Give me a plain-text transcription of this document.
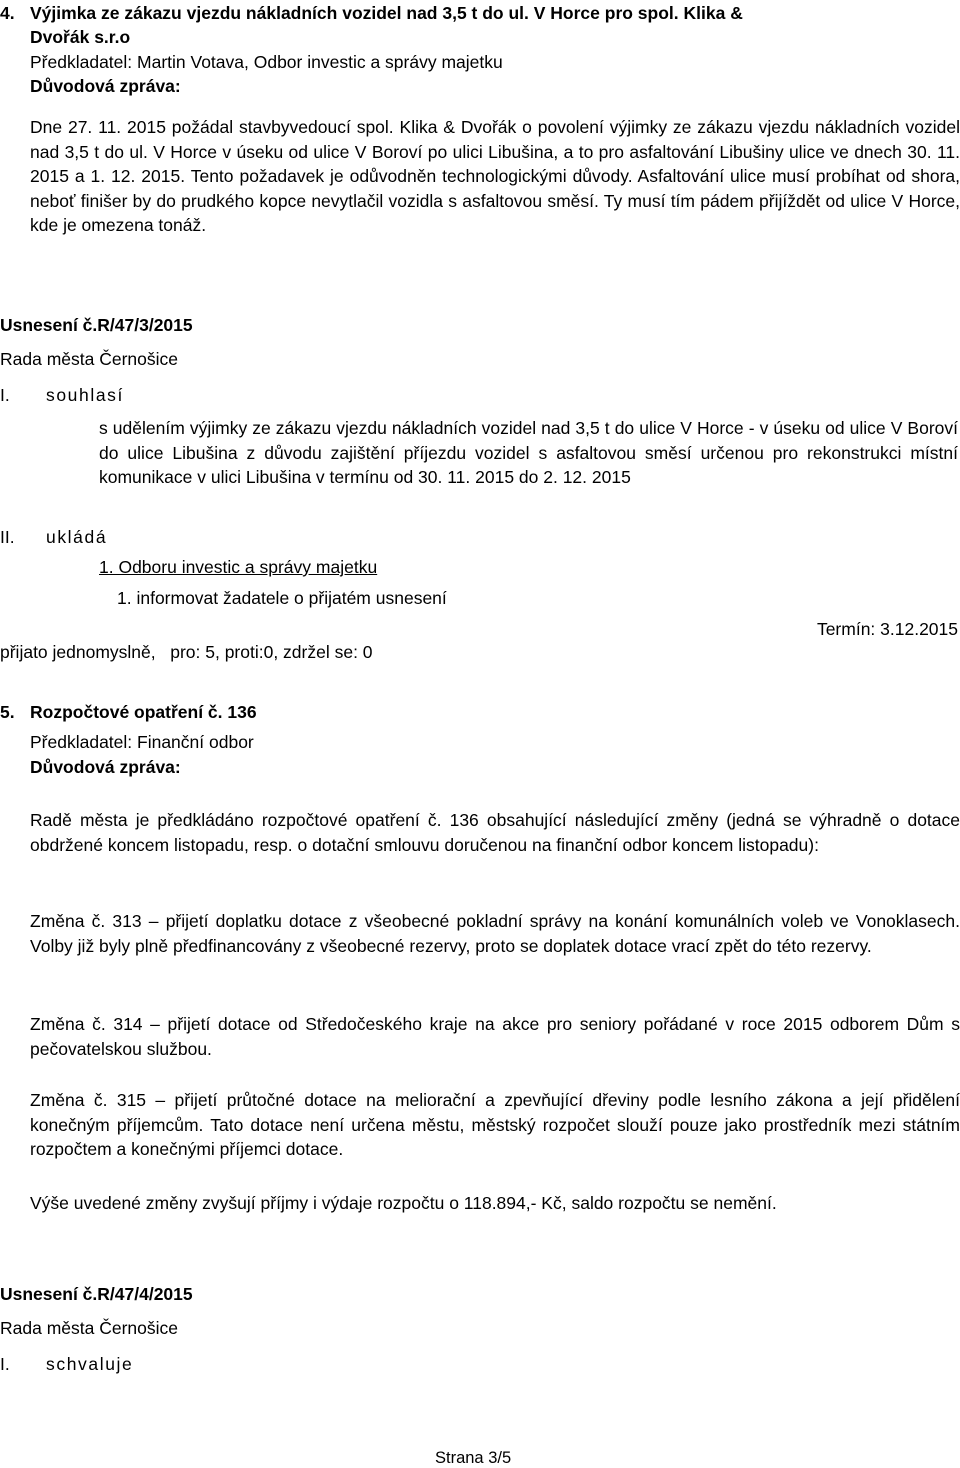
4. Výjimka ze zákazu vjezdu nákladních vozidel nad 3,5 t do ul. V Horce pro spol. Klika &
Dvořák s.r.o
Předkladatel: Martin Votava, Odbor investic a správy majetku
Důvodová zpráva:
Dne 27. 11. 2015 požádal stavbyvedoucí spol. Klika & Dvořák o povolení výjimky ze zákazu vjezdu nákladních vozidel nad 3,5 t do ul. V Horce v úseku od ulice V Boroví po ulici Libušina, a to pro asfaltování Libušiny ulice ve dnech 30. 11. 2015 a 1. 12. 2015. Tento požadavek je odůvodněn technologickými důvody. Asfaltování ulice musí probíhat od shora, neboť finišer by do prudkého kopce nevytlačil vozidla s asfaltovou směsí. Ty musí tím pádem přijíždět od ulice V Horce, kde je omezena tonáž.
Usnesení č.R/47/3/2015
Rada města Černošice
I. souhlasí
s udělením výjimky ze zákazu vjezdu nákladních vozidel nad 3,5 t do ulice V Horce - v úseku od ulice V Boroví do ulice Libušina z důvodu zajištění příjezdu vozidel s asfaltovou směsí určenou pro rekonstrukci místní komunikace v ulici Libušina v termínu od 30. 11. 2015 do 2. 12. 2015
II. ukládá
1. Odboru investic a správy majetku
1. informovat žadatele o přijatém usnesení
Termín: 3.12.2015
přijato jednomyslně,   pro: 5, proti:0, zdržel se: 0
5. Rozpočtové opatření č. 136
Předkladatel: Finanční odbor
Důvodová zpráva:
Radě města je předkládáno rozpočtové opatření č. 136 obsahující následující změny (jedná se výhradně o dotace obdržené koncem listopadu, resp. o dotační smlouvu doručenou na finanční odbor koncem listopadu):
Změna č. 313 – přijetí doplatku dotace z všeobecné pokladní správy na konání komunálních voleb ve Vonoklasech. Volby již byly plně předfinancovány z všeobecné rezervy, proto se doplatek dotace vrací zpět do této rezervy.
Změna č. 314 – přijetí dotace od Středočeského kraje na akce pro seniory pořádané v roce 2015 odborem Dům s pečovatelskou službou.
Změna č. 315 – přijetí průtočné dotace na meliorační a zpevňující dřeviny podle lesního zákona a její přidělení konečným příjemcům. Tato dotace není určena městu, městský rozpočet slouží pouze jako prostředník mezi státním rozpočtem a konečnými příjemci dotace.
Výše uvedené změny zvyšují příjmy i výdaje rozpočtu o 118.894,- Kč, saldo rozpočtu se nemění.
Usnesení č.R/47/4/2015
Rada města Černošice
I. schvaluje
Strana 3/5
